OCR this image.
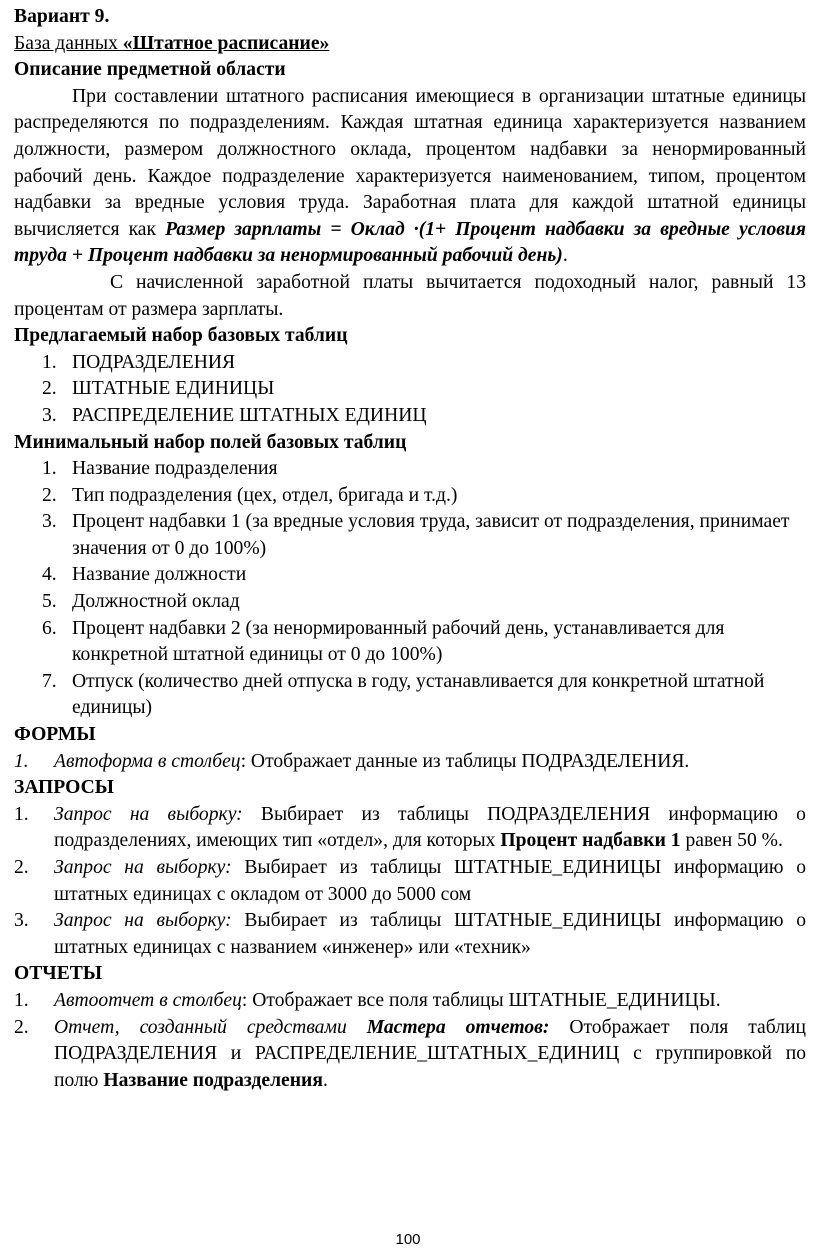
Вариант 9.

База данных «Штатное расписание»

Описание предметной области

При составлении штатного расписания имеющиеся в организации штатные единицы распределяются по подразделениям. Каждая штатная единица характеризуется названием должности, размером должностного оклада, процентом надбавки за ненормированный рабочий день. Каждое подразделение характеризуется наименованием, типом, процентом надбавки за вредные условия труда. Заработная плата для каждой штатной единицы вычисляется как Размер зарплаты = Оклад ·(1+ Процент надбавки за вредные условия труда + Процент надбавки за ненормированный рабочий день).

С начисленной заработной платы вычитается подоходный налог, равный 13 процентам от размера зарплаты.

Предлагаемый набор базовых таблиц

1. ПОДРАЗДЕЛЕНИЯ
2. ШТАТНЫЕ ЕДИНИЦЫ
3. РАСПРЕДЕЛЕНИЕ ШТАТНЫХ ЕДИНИЦ

Минимальный набор полей базовых таблиц

1. Название подразделения
2. Тип подразделения (цех, отдел, бригада и т.д.)
3. Процент надбавки 1 (за вредные условия труда, зависит от подразделения, принимает значения от 0 до 100%)
4. Название должности
5. Должностной оклад
6. Процент надбавки 2 (за ненормированный рабочий день, устанавливается для конкретной штатной единицы от 0 до 100%)
7. Отпуск (количество дней отпуска в году, устанавливается для конкретной штатной единицы)

ФОРМЫ

1. Автоформа в столбец: Отображает данные из таблицы ПОДРАЗДЕЛЕНИЯ.

ЗАПРОСЫ

1. Запрос на выборку: Выбирает из таблицы ПОДРАЗДЕЛЕНИЯ информацию о подразделениях, имеющих тип «отдел», для которых Процент надбавки 1 равен 50 %.
2. Запрос на выборку: Выбирает из таблицы ШТАТНЫЕ_ЕДИНИЦЫ информацию о штатных единицах с окладом от 3000 до 5000 сом
3. Запрос на выборку: Выбирает из таблицы ШТАТНЫЕ_ЕДИНИЦЫ информацию о штатных единицах с названием «инженер» или «техник»

ОТЧЕТЫ

1. Автоотчет в столбец: Отображает все поля таблицы ШТАТНЫЕ_ЕДИНИЦЫ.
2. Отчет, созданный средствами Мастера отчетов: Отображает поля таблиц ПОДРАЗДЕЛЕНИЯ и РАСПРЕДЕЛЕНИЕ_ШТАТНЫХ_ЕДИНИЦ с группировкой по полю Название подразделения.
100
